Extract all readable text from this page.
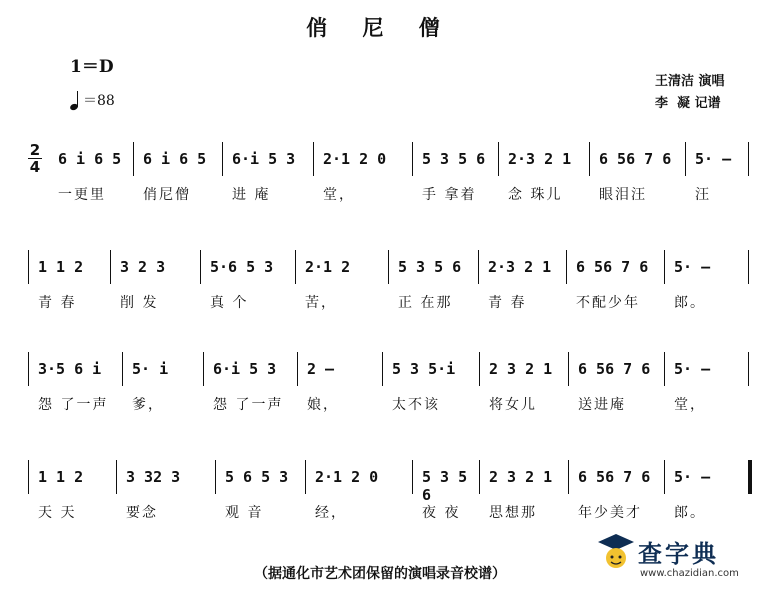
俏 尼 僧
1＝D
＝88
王清洁 演唱
李  凝 记谱
6 i 6 5
一更里
6 i 6 5
俏尼僧
6·i 5 3
进 庵
2·1 2 0
堂，
5 3 5 6
手 拿着
2·3 2 1
念 珠儿
6 56 7 6
眼泪汪
5· –
汪
2
4
1 1 2
青 春
3 2 3
削 发
5·6 5 3
真 个
2·1 2
苦，
5 3 5 6
正 在那
2·3 2 1
青 春
6 56 7 6
不配少年
5· –
郎。
3·5 6 i
怨 了一声
5· i
爹，
6·i 5 3
怨 了一声
2 –
娘，
5 3 5·i
太不该
2 3 2 1
将女儿
6 56 7 6
送进庵
5· –
堂，
1 1 2
天 天
3 32 3
要念
5 6 5 3
观 音
2·1 2 0
经，
5 3 5 6
夜 夜
2 3 2 1
思想那
6 56 7 6
年少美才
5· –
郎。
（据通化市艺术团保留的演唱录音校谱）
查字典
www.chazidian.com
